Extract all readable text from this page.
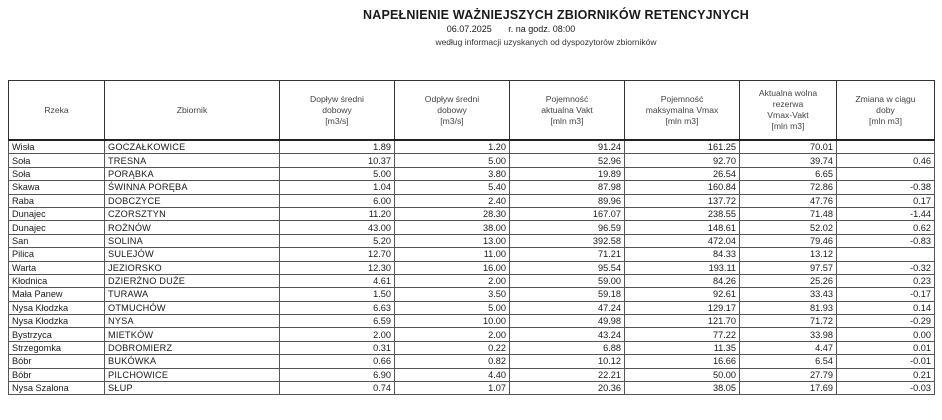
NAPEŁNIENIE WAŻNIEJSZYCH ZBIORNIKÓW RETENCYJNYCH
06.07.2025 r. na godz. 08:00
według informacji uzyskanych od dyspozytorów zbiorników
Rzeka	Zbiornik	Dopływ średni
dobowy
[m3/s]	Odpływ średni
dobowy
[m3/s]	Pojemność
aktualna Vakt
[mln m3]	Pojemność
maksymalna Vmax
[mln m3]	Aktualna wolna
rezerwa
Vmax-Vakt
[mln m3]	Zmiana w ciągu
doby
[mln m3]

Wisła	GOCZAŁKOWICE	1.89	1.20	91.24	161.25	70.01	
Soła	TRESNA	10.37	5.00	52.96	92.70	39.74	0.46
Soła	PORĄBKA	5.00	3.80	19.89	26.54	6.65	
Skawa	ŚWINNA PORĘBA	1.04	5.40	87.98	160.84	72.86	-0.38
Raba	DOBCZYCE	6.00	2.40	89.96	137.72	47.76	0.17
Dunajec	CZORSZTYN	11.20	28.30	167.07	238.55	71.48	-1.44
Dunajec	ROŻNÓW	43.00	38.00	96.59	148.61	52.02	0.62
San	SOLINA	5.20	13.00	392.58	472.04	79.46	-0.83
Pilica	SULEJÓW	12.70	11.00	71.21	84.33	13.12	
Warta	JEZIORSKO	12.30	16.00	95.54	193.11	97.57	-0.32
Kłodnica	DZIERŻNO DUŻE	4.61	2.00	59.00	84.26	25.26	0.23
Mała Panew	TURAWA	1.50	3.50	59.18	92.61	33.43	-0.17
Nysa Kłodzka	OTMUCHÓW	6.63	5.00	47.24	129.17	81.93	0.14
Nysa Kłodzka	NYSA	6.59	10.00	49.98	121.70	71.72	-0.29
Bystrzyca	MIETKÓW	2.00	2.00	43.24	77.22	33.98	0.00
Strzegomka	DOBROMIERZ	0.31	0.22	6.88	11.35	4.47	0.01
Bóbr	BUKÓWKA	0.66	0.82	10.12	16.66	6.54	-0.01
Bóbr	PILCHOWICE	6.90	4.40	22.21	50.00	27.79	0.21
Nysa Szalona	SŁUP	0.74	1.07	20.36	38.05	17.69	-0.03
